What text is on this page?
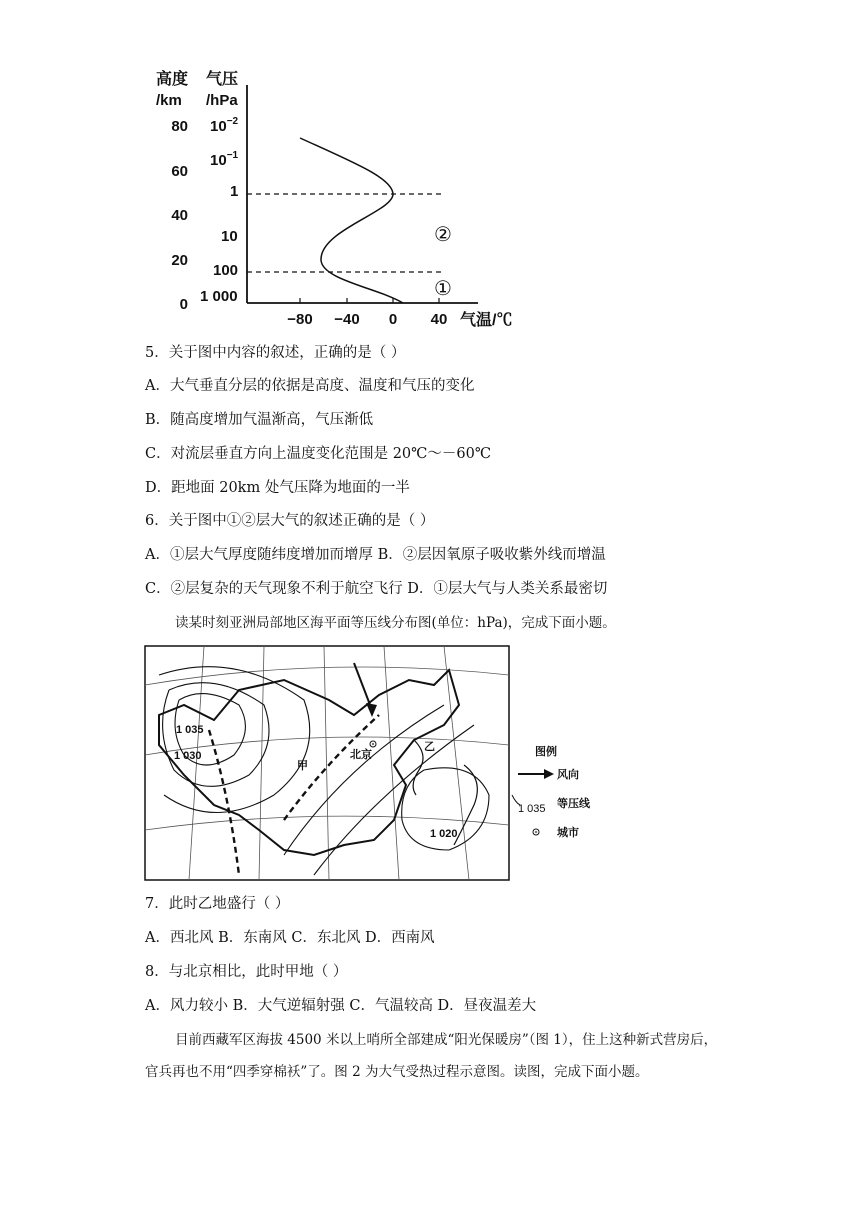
高度
/km
气压
/hPa
80
60
40
20
0
$10^{-2}$
$10^{-1}$
1
10
100
1 000
−80 −40 0 40 气温/℃
②
①
5．关于图中内容的叙述，正确的是（ ）
A．大气垂直分层的依据是高度、温度和气压的变化
B．随高度增加气温渐高，气压渐低
C．对流层垂直方向上温度变化范围是 20℃～－60℃
D．距地面 20km 处气压降为地面的一半
6．关于图中①②层大气的叙述正确的是（ ）
A．①层大气厚度随纬度增加而增厚 B．②层因氧原子吸收紫外线而增温
C．②层复杂的天气现象不利于航空飞行 D．①层大气与人类关系最密切
读某时刻亚洲局部地区海平面等压线分布图(单位：hPa)，完成下面小题。
1 035
1 030
1 020
甲
北京
乙	图例
风向
1 035 等压线
城市
7．此时乙地盛行（ ）
A．西北风 B．东南风 C．东北风 D．西南风
8．与北京相比，此时甲地（ ）
A．风力较小 B．大气逆辐射强 C．气温较高 D．昼夜温差大
目前西藏军区海拔 4500 米以上哨所全部建成“阳光保暖房”（图 1），住上这种新式营房后，官兵再也不用“四季穿棉袄”了。图 2 为大气受热过程示意图。读图，完成下面小题。
